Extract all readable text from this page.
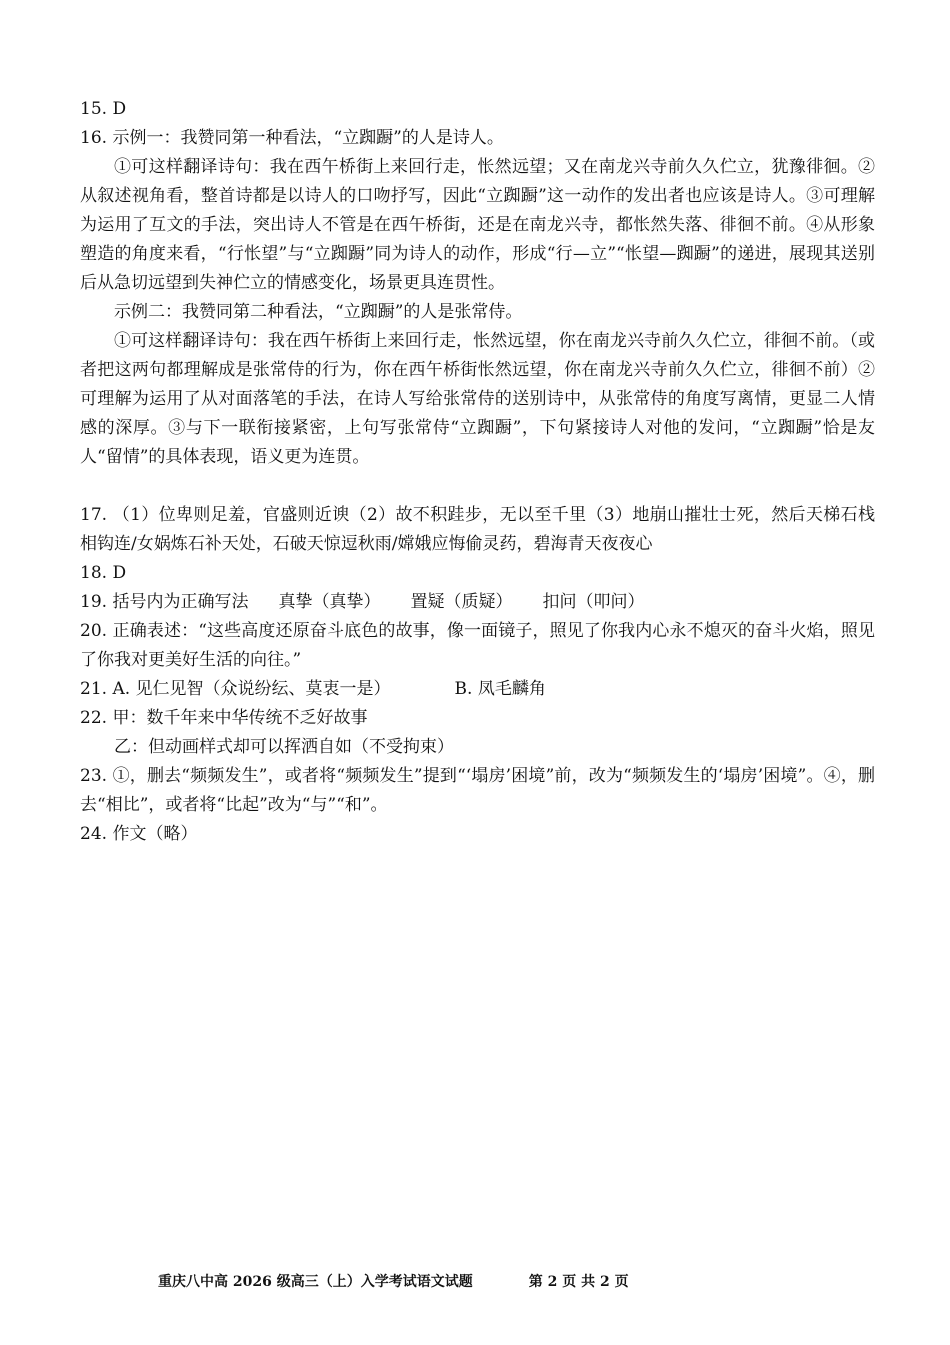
15. D
16. 示例一：我赞同第一种看法，“立踟蹰”的人是诗人。
①可这样翻译诗句：我在西午桥街上来回行走，怅然远望；又在南龙兴寺前久久伫立，犹豫徘徊。②从叙述视角看，整首诗都是以诗人的口吻抒写，因此“立踟蹰”这一动作的发出者也应该是诗人。③可理解为运用了互文的手法，突出诗人不管是在西午桥街，还是在南龙兴寺，都怅然失落、徘徊不前。④从形象塑造的角度来看，“行怅望”与“立踟蹰”同为诗人的动作，形成“行—立”“怅望—踟蹰”的递进，展现其送别后从急切远望到失神伫立的情感变化，场景更具连贯性。
示例二：我赞同第二种看法，“立踟蹰”的人是张常侍。
①可这样翻译诗句：我在西午桥街上来回行走，怅然远望，你在南龙兴寺前久久伫立，徘徊不前。（或者把这两句都理解成是张常侍的行为，你在西午桥街怅然远望，你在南龙兴寺前久久伫立，徘徊不前）②可理解为运用了从对面落笔的手法，在诗人写给张常侍的送别诗中，从张常侍的角度写离情，更显二人情感的深厚。③与下一联衔接紧密，上句写张常侍“立踟蹰”，下句紧接诗人对他的发问，“立踟蹰”恰是友人“留情”的具体表现，语义更为连贯。
17. （1）位卑则足羞，官盛则近谀（2）故不积跬步，无以至千里（3）地崩山摧壮士死，然后天梯石栈相钩连/女娲炼石补天处，石破天惊逗秋雨/嫦娥应悔偷灵药，碧海青天夜夜心
18. D
19. 括号内为正确写法 真挚（真挚） 置疑（质疑） 扣问（叩问）
20. 正确表述：“这些高度还原奋斗底色的故事，像一面镜子，照见了你我内心永不熄灭的奋斗火焰，照见了你我对更美好生活的向往。”
21. A. 见仁见智（众说纷纭、莫衷一是）	B. 凤毛麟角
22. 甲：数千年来中华传统不乏好故事
乙：但动画样式却可以挥洒自如（不受拘束）
23. ①，删去“频频发生”，或者将“频频发生”提到“‘塌房’困境”前，改为“频频发生的‘塌房’困境”。④，删去“相比”，或者将“比起”改为“与”“和”。
24. 作文（略）
重庆八中高 2026 级高三（上）入学考试语文试题	第 2 页 共 2 页
